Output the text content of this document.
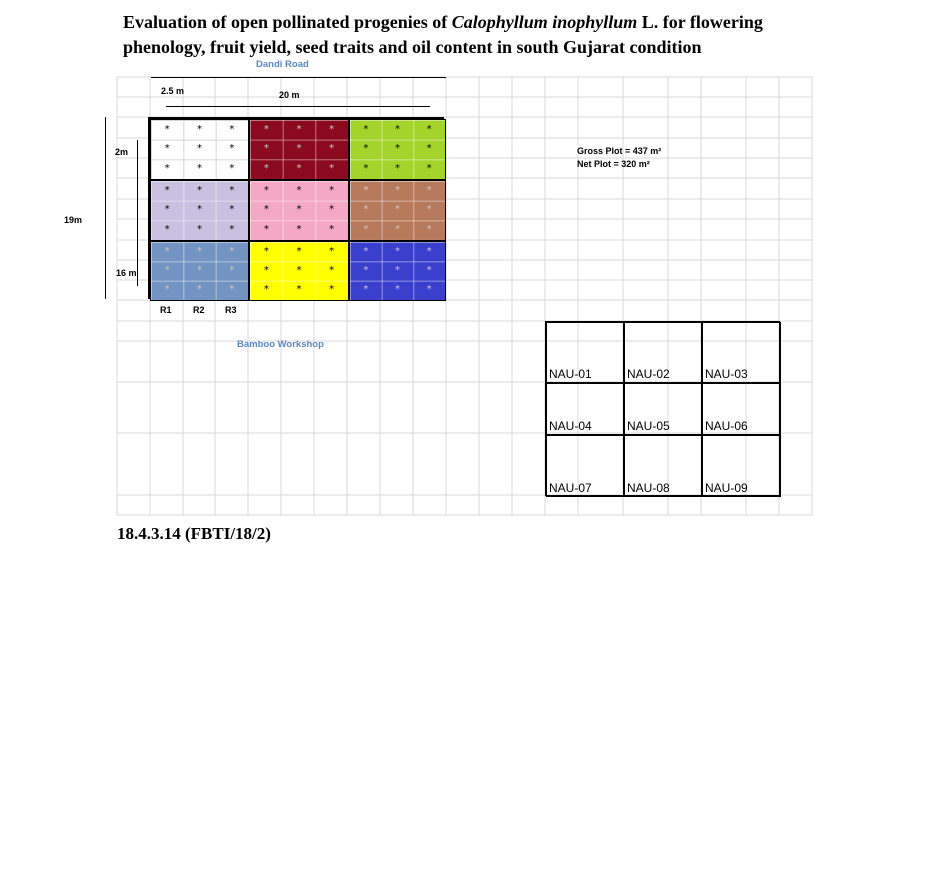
Evaluation of open pollinated progenies of Calophyllum inophyllum L. for flowering phenology, fruit yield, seed traits and oil content in south Gujarat condition
Dandi Road
2.5 m	20 m
19m
2m
16 m
*	*	*
*	*	*
*	*	*
*	*	*
*	*	*
*	*	*
*	*	*
*	*	*
*	*	*
*	*	*
*	*	*
*	*	*
*	*	*
*	*	*
*	*	*
*	*	*
*	*	*
*	*	*
*	*	*
*	*	*
*	*	*
*	*	*
*	*	*
*	*	*
*	*	*
*	*	*
*	*	*
R1 R2 R3
Gross Plot = 437 m²
Net Plot = 320 m²
Bamboo Workshop
NAU-01	NAU-02	NAU-03
NAU-04	NAU-05	NAU-06
NAU-07	NAU-08	NAU-09
18.4.3.14 (FBTI/18/2)
